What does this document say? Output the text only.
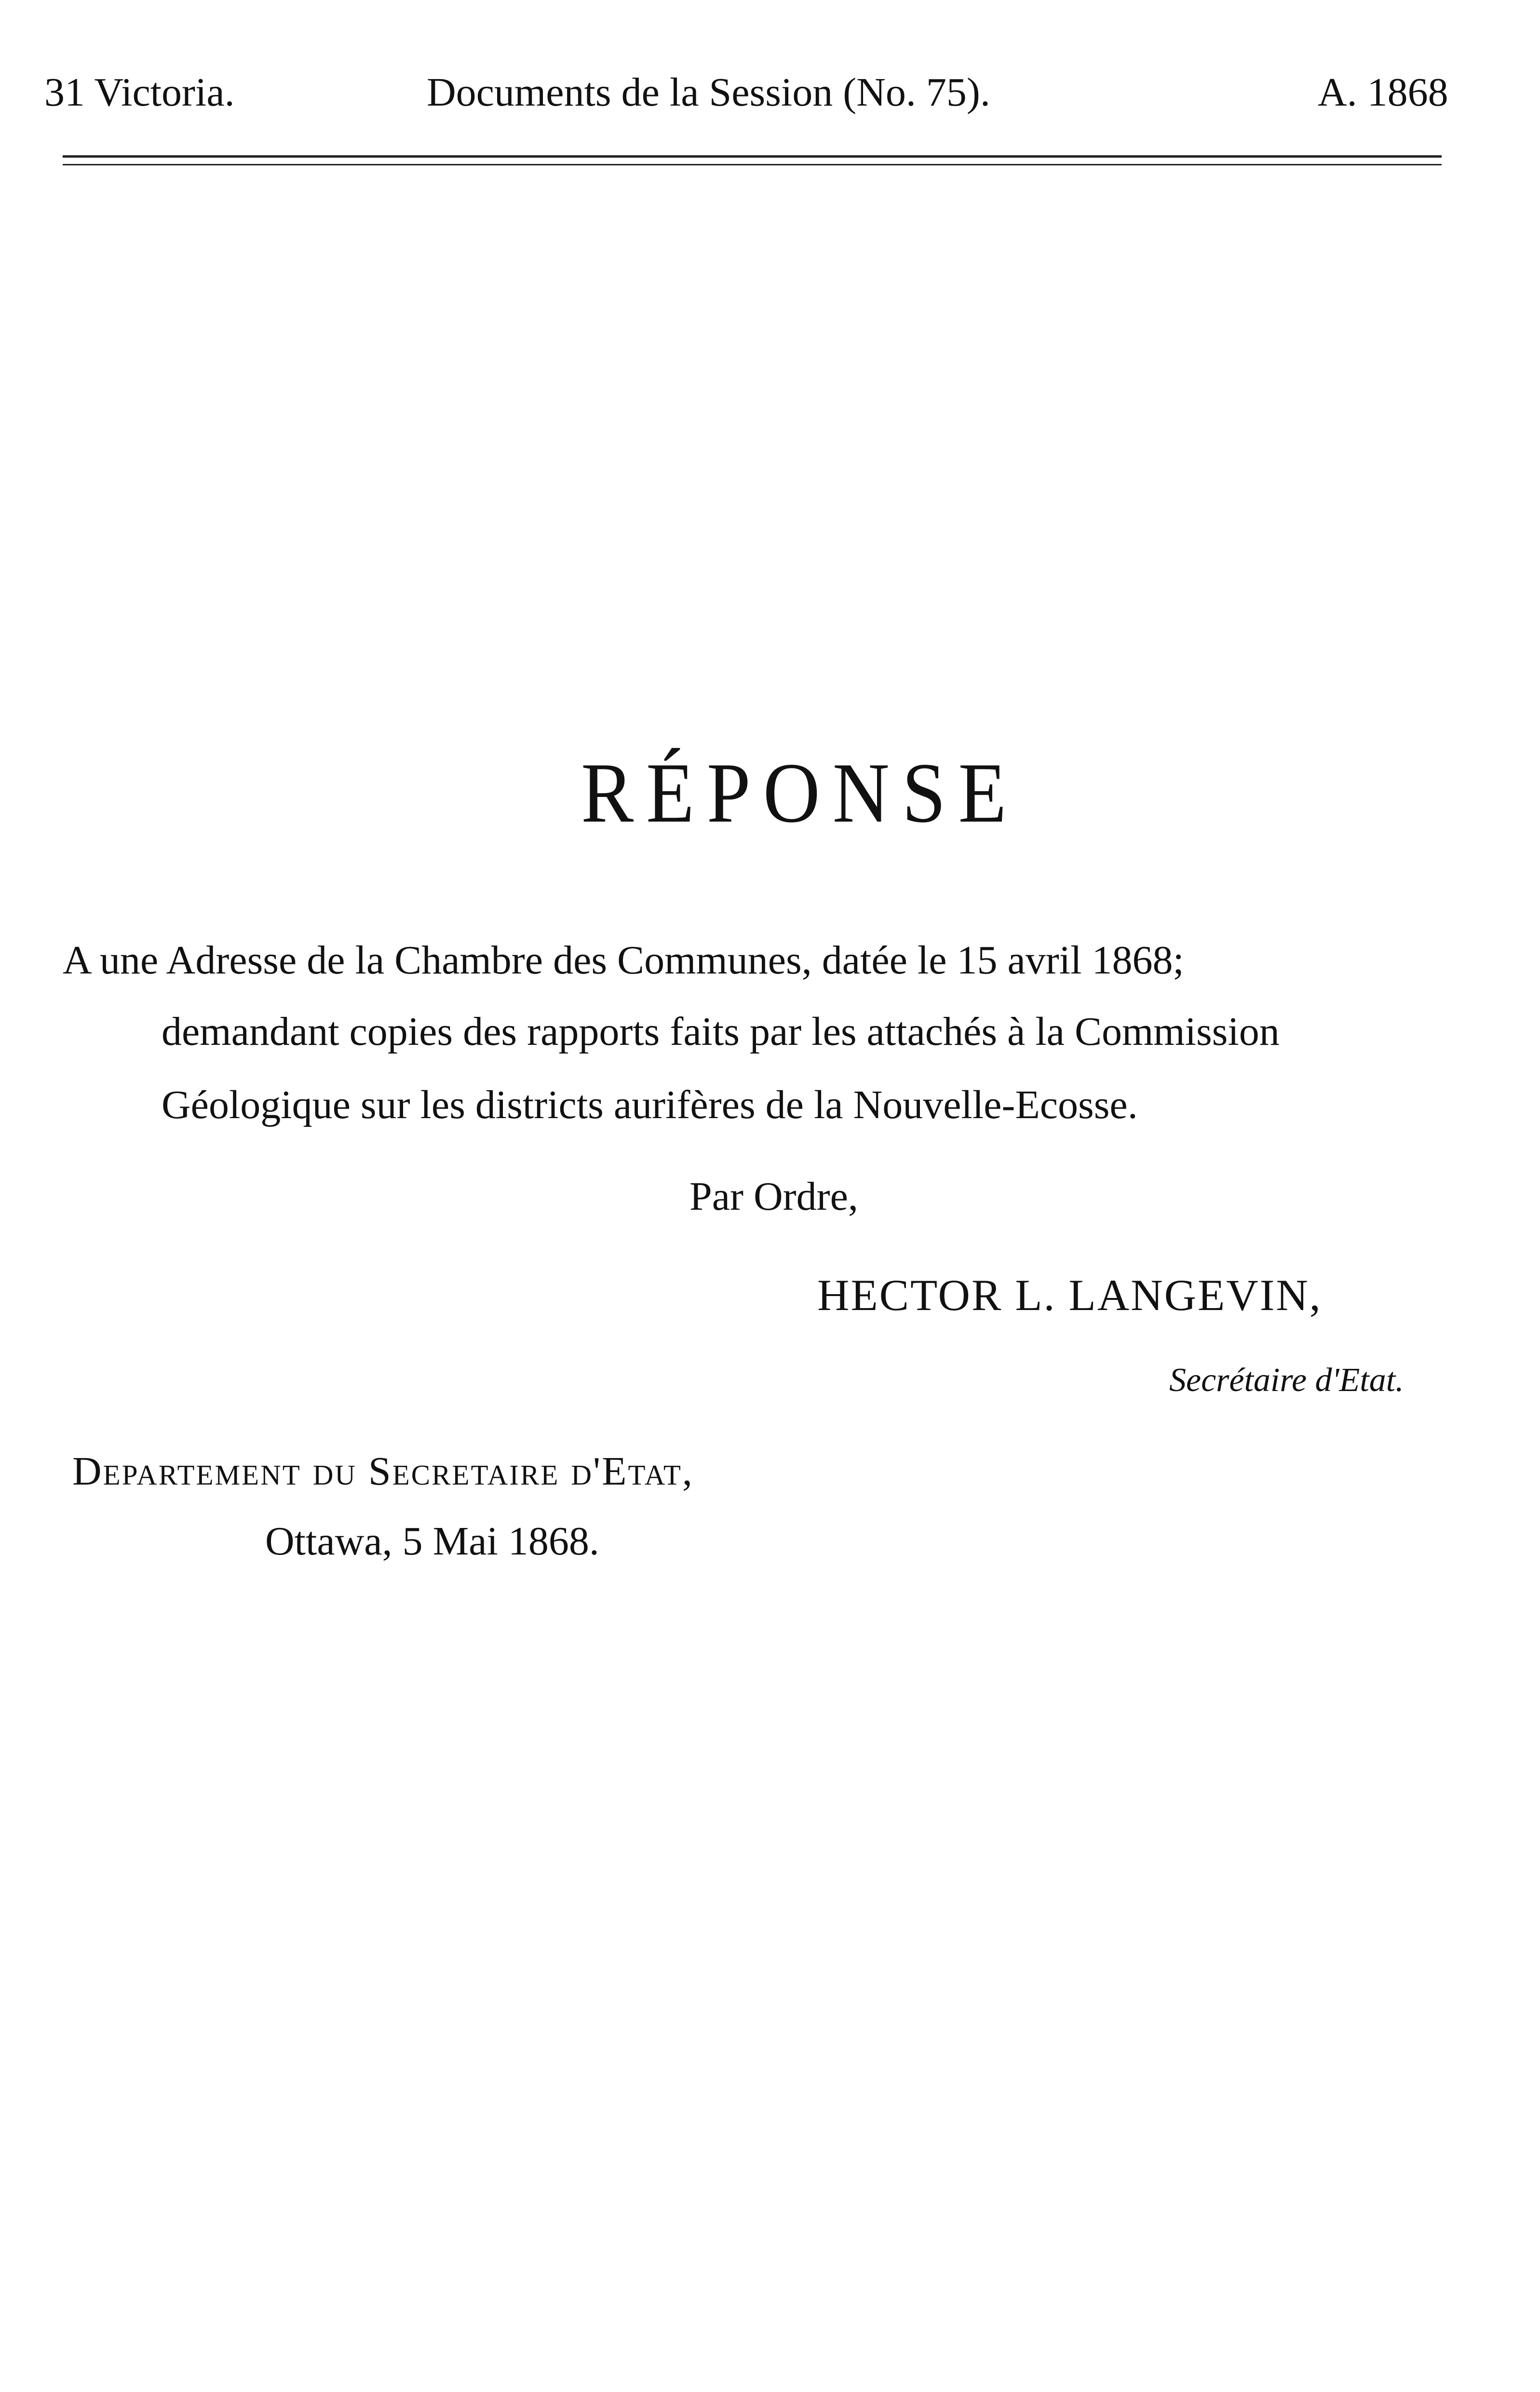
31 Victoria.	Documents de la Session (No. 75).	A. 1868
RÉPONSE
A une Adresse de la Chambre des Communes, datée le 15 avril 1868;
demandant copies des rapports faits par les attachés à la Commission
Géologique sur les districts aurifères de la Nouvelle-Ecosse.
Par Ordre,
HECTOR L. LANGEVIN,
Secrétaire d'Etat.
Departement du Secretaire d'Etat,
Ottawa, 5 Mai 1868.
